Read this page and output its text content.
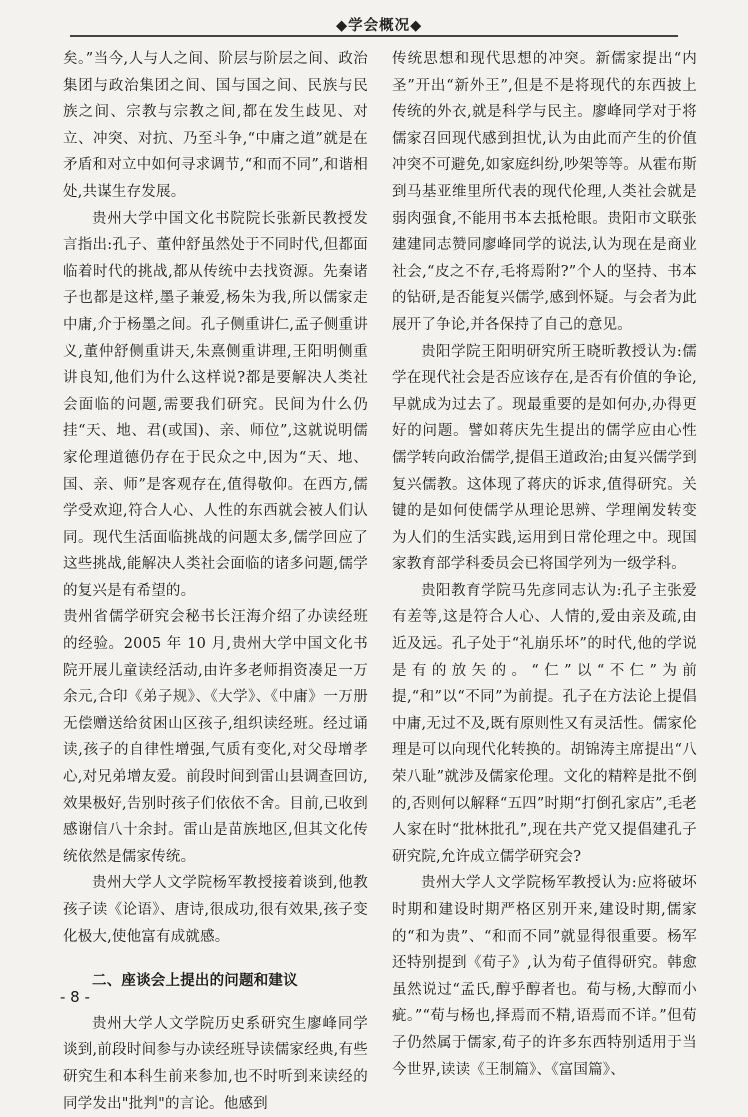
◆学会概况◆

矣。”当今,人与人之间、阶层与阶层之间、政治集团与政治集团之间、国与国之间、民族与民族之间、宗教与宗教之间,都在发生歧见、对立、冲突、对抗、乃至斗争,“中庸之道”就是在矛盾和对立中如何寻求调节,“和而不同”,和谐相处,共谋生存发展。

贵州大学中国文化书院院长张新民教授发言指出:孔子、董仲舒虽然处于不同时代,但都面临着时代的挑战,都从传统中去找资源。先秦诸子也都是这样,墨子兼爱,杨朱为我,所以儒家走中庸,介于杨墨之间。孔子侧重讲仁,孟子侧重讲义,董仲舒侧重讲天,朱熹侧重讲理,王阳明侧重讲良知,他们为什么这样说?都是要解决人类社会面临的问题,需要我们研究。民间为什么仍挂“天、地、君(或国)、亲、师位”,这就说明儒家伦理道德仍存在于民众之中,因为“天、地、国、亲、师”是客观存在,值得敬仰。在西方,儒学受欢迎,符合人心、人性的东西就会被人们认同。现代生活面临挑战的问题太多,儒学回应了这些挑战,能解决人类社会面临的诸多问题,儒学的复兴是有希望的。

贵州省儒学研究会秘书长汪海介绍了办读经班的经验。2005 年 10 月,贵州大学中国文化书院开展儿童读经活动,由许多老师捐资凑足一万余元,合印《弟子规》、《大学》、《中庸》一万册无偿赠送给贫困山区孩子,组织读经班。经过诵读,孩子的自律性增强,气质有变化,对父母增孝心,对兄弟增友爱。前段时间到雷山县调查回访,效果极好,告别时孩子们依依不舍。目前,已收到感谢信八十余封。雷山是苗族地区,但其文化传统依然是儒家传统。

贵州大学人文学院杨军教授接着谈到,他教孩子读《论语》、唐诗,很成功,很有效果,孩子变化极大,使他富有成就感。

二、座谈会上提出的问题和建议

贵州大学人文学院历史系研究生廖峰同学谈到,前段时间参与办读经班导读儒家经典,有些研究生和本科生前来参加,也不时听到来读经的同学发出"批判"的言论。他感到

传统思想和现代思想的冲突。新儒家提出“内圣”开出“新外王”,但是不是将现代的东西披上传统的外衣,就是科学与民主。廖峰同学对于将儒家召回现代感到担忧,认为由此而产生的价值冲突不可避免,如家庭纠纷,吵架等等。从霍布斯到马基亚维里所代表的现代伦理,人类社会就是弱肉强食,不能用书本去抵枪眼。贵阳市文联张建建同志赞同廖峰同学的说法,认为现在是商业社会,“皮之不存,毛将焉附?”个人的坚持、书本的钻研,是否能复兴儒学,感到怀疑。与会者为此展开了争论,并各保持了自己的意见。

贵阳学院王阳明研究所王晓昕教授认为:儒学在现代社会是否应该存在,是否有价值的争论,早就成为过去了。现最重要的是如何办,办得更好的问题。譬如蒋庆先生提出的儒学应由心性儒学转向政治儒学,提倡王道政治;由复兴儒学到复兴儒教。这体现了蒋庆的诉求,值得研究。关键的是如何使儒学从理论思辨、学理阐发转变为人们的生活实践,运用到日常伦理之中。现国家教育部学科委员会已将国学列为一级学科。

贵阳教育学院马先彦同志认为:孔子主张爱有差等,这是符合人心、人情的,爱由亲及疏,由近及远。孔子处于“礼崩乐坏”的时代,他的学说是有的放矢的。“仁”以“不仁”为前提,“和”以“不同”为前提。孔子在方法论上提倡中庸,无过不及,既有原则性又有灵活性。儒家伦理是可以向现代化转换的。胡锦涛主席提出“八荣八耻”就涉及儒家伦理。文化的精粹是批不倒的,否则何以解释“五四”时期“打倒孔家店”,毛老人家在时“批林批孔”,现在共产党又提倡建孔子研究院,允许成立儒学研究会?

贵州大学人文学院杨军教授认为:应将破坏时期和建设时期严格区别开来,建设时期,儒家的“和为贵”、“和而不同”就显得很重要。杨军还特别提到《荀子》,认为荀子值得研究。韩愈虽然说过“孟氏,醇乎醇者也。荀与杨,大醇而小疵。”“荀与杨也,择焉而不精,语焉而不详。”但荀子仍然属于儒家,荀子的许多东西特别适用于当今世界,读读《王制篇》、《富国篇》、

- 8 -
